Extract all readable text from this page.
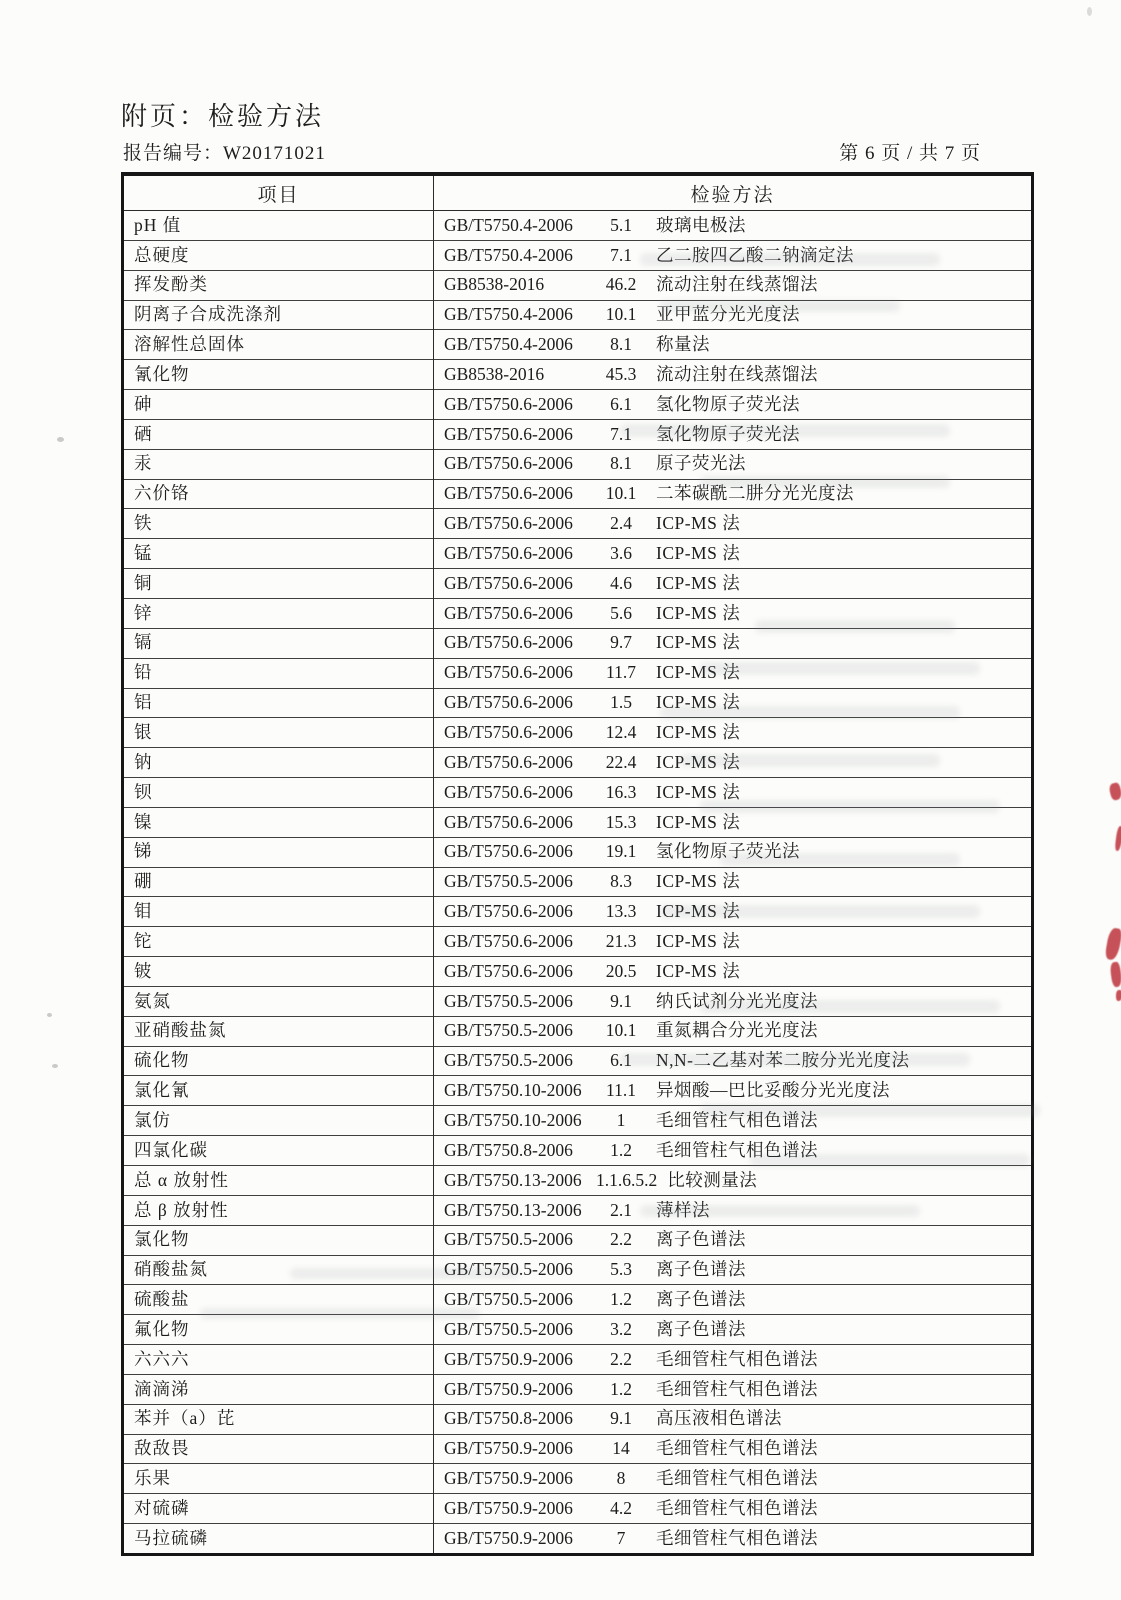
附页：检验方法
报告编号：W20171021	第 6 页 / 共 7 页
项目	检验方法
pH 值	GB/T5750.4-2006 5.1 玻璃电极法

总硬度	GB/T5750.4-2006 7.1 乙二胺四乙酸二钠滴定法

挥发酚类	GB8538-2016 46.2 流动注射在线蒸馏法

阴离子合成洗涤剂	GB/T5750.4-2006 10.1 亚甲蓝分光光度法

溶解性总固体	GB/T5750.4-2006 8.1 称量法

氰化物	GB8538-2016 45.3 流动注射在线蒸馏法

砷	GB/T5750.6-2006 6.1 氢化物原子荧光法

硒	GB/T5750.6-2006 7.1 氢化物原子荧光法

汞	GB/T5750.6-2006 8.1 原子荧光法

六价铬	GB/T5750.6-2006 10.1 二苯碳酰二肼分光光度法

铁	GB/T5750.6-2006 2.4 ICP-MS 法

锰	GB/T5750.6-2006 3.6 ICP-MS 法

铜	GB/T5750.6-2006 4.6 ICP-MS 法

锌	GB/T5750.6-2006 5.6 ICP-MS 法

镉	GB/T5750.6-2006 9.7 ICP-MS 法

铅	GB/T5750.6-2006 11.7 ICP-MS 法

铝	GB/T5750.6-2006 1.5 ICP-MS 法

银	GB/T5750.6-2006 12.4 ICP-MS 法

钠	GB/T5750.6-2006 22.4 ICP-MS 法

钡	GB/T5750.6-2006 16.3 ICP-MS 法

镍	GB/T5750.6-2006 15.3 ICP-MS 法

锑	GB/T5750.6-2006 19.1 氢化物原子荧光法

硼	GB/T5750.5-2006 8.3 ICP-MS 法

钼	GB/T5750.6-2006 13.3 ICP-MS 法

铊	GB/T5750.6-2006 21.3 ICP-MS 法

铍	GB/T5750.6-2006 20.5 ICP-MS 法

氨氮	GB/T5750.5-2006 9.1 纳氏试剂分光光度法

亚硝酸盐氮	GB/T5750.5-2006 10.1 重氮耦合分光光度法

硫化物	GB/T5750.5-2006 6.1 N,N-二乙基对苯二胺分光光度法

氯化氰	GB/T5750.10-2006 11.1 异烟酸—巴比妥酸分光光度法

氯仿	GB/T5750.10-2006 1 毛细管柱气相色谱法

四氯化碳	GB/T5750.8-2006 1.2 毛细管柱气相色谱法

总 α 放射性	GB/T5750.13-2006 1.1.6.5.2 比较测量法

总 β 放射性	GB/T5750.13-2006 2.1 薄样法

氯化物	GB/T5750.5-2006 2.2 离子色谱法

硝酸盐氮	GB/T5750.5-2006 5.3 离子色谱法

硫酸盐	GB/T5750.5-2006 1.2 离子色谱法

氟化物	GB/T5750.5-2006 3.2 离子色谱法

六六六	GB/T5750.9-2006 2.2 毛细管柱气相色谱法

滴滴涕	GB/T5750.9-2006 1.2 毛细管柱气相色谱法

苯并（a）芘	GB/T5750.8-2006 9.1 高压液相色谱法

敌敌畏	GB/T5750.9-2006 14 毛细管柱气相色谱法

乐果	GB/T5750.9-2006 8 毛细管柱气相色谱法

对硫磷	GB/T5750.9-2006 4.2 毛细管柱气相色谱法

马拉硫磷	GB/T5750.9-2006 7 毛细管柱气相色谱法
